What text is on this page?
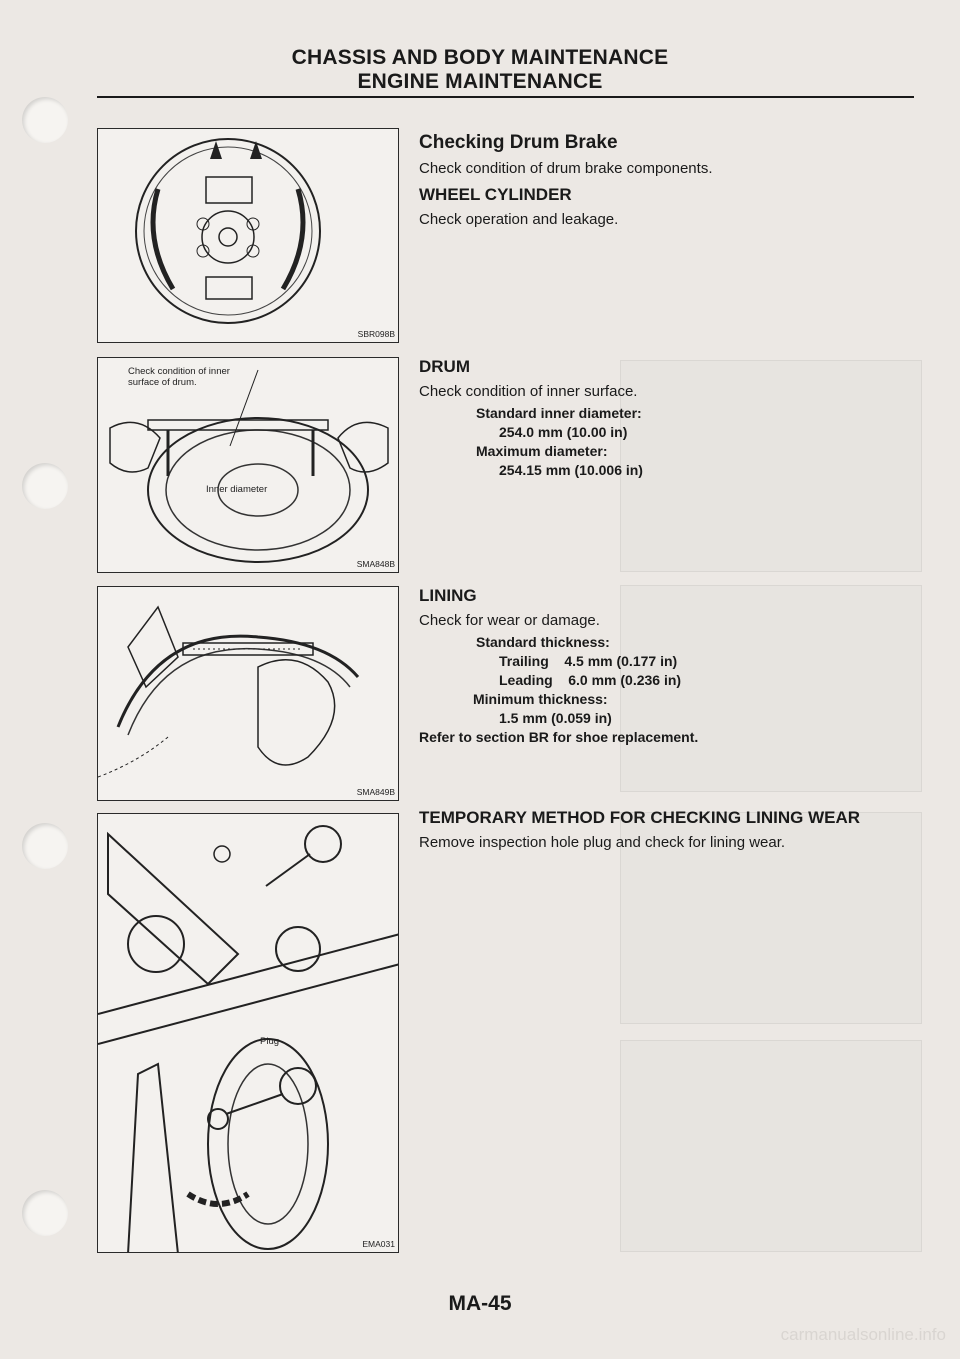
CHASSIS AND BODY MAINTENANCE
ENGINE MAINTENANCE
SBR098B
Check condition of inner
surface of drum.
Inner diameter
SMA848B
SMA849B
Plug
EMA031
Checking Drum Brake
Check condition of drum brake components.
WHEEL CYLINDER
Check operation and leakage.
DRUM
Check condition of inner surface.
Standard inner diameter:
254.0 mm (10.00 in)
Maximum diameter:
254.15 mm (10.006 in)
LINING
Check for wear or damage.
Standard thickness:
Trailing    4.5 mm (0.177 in)
Leading    6.0 mm (0.236 in)
Minimum thickness:
1.5 mm (0.059 in)
Refer to section BR for shoe replacement.
TEMPORARY METHOD FOR CHECKING LINING WEAR
Remove inspection hole plug and check for lining wear.
MA-45
carmanualsonline.info
